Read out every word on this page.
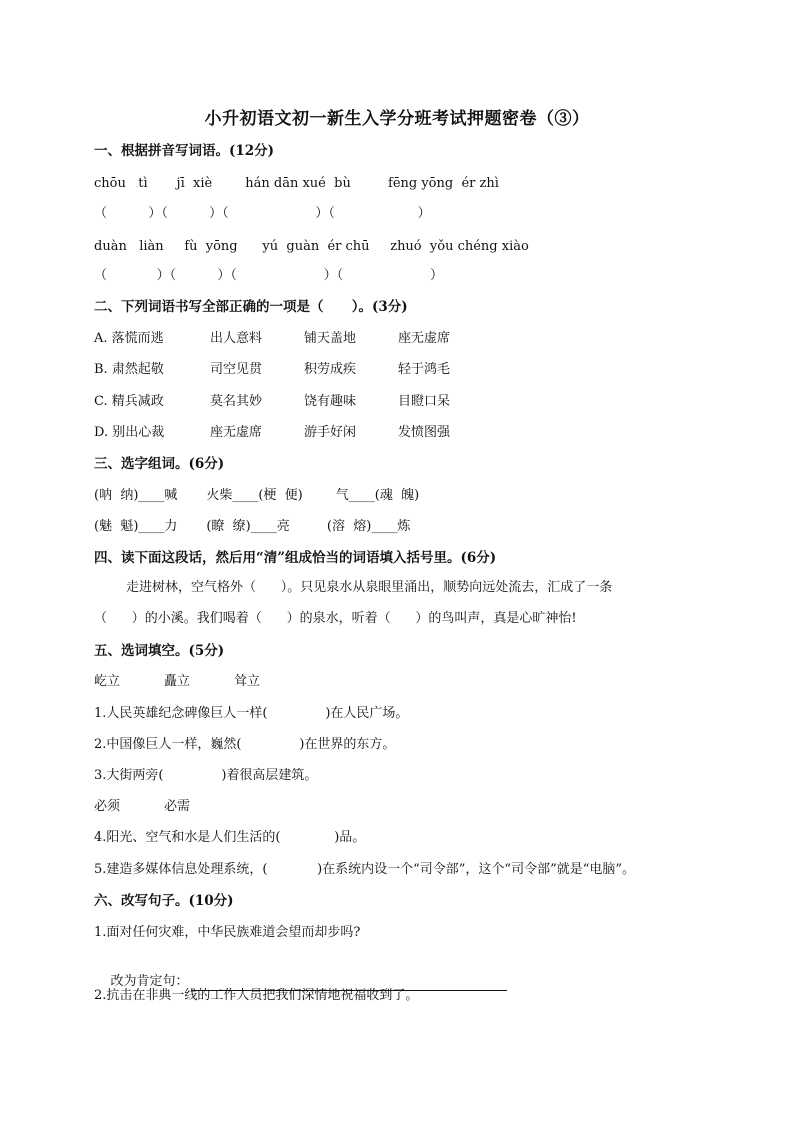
小升初语文初一新生入学分班考试押题密卷（③）
一、根据拼音写词语。(12分)
chōu   tì       jī  xiè        hán dān xué  bù         fēng yōng  ér zhì
（          ）（          ）（                     ）（                    ）
duàn   liàn     fù  yōng      yú  guàn  ér chū     zhuó  yǒu chéng xiào
（            ）（          ）（                     ）（                     ）
二、下列词语书写全部正确的一项是（      ）。(3分)
A. 落慌而逃	出人意料	铺天盖地	座无虚席
B. 肃然起敬	司空见贯	积劳成疾	轻于鸿毛
C. 精兵减政	莫名其妙	饶有趣味	目瞪口呆
D. 别出心裁	座无虚席	游手好闲	发愤图强
三、选字组词。(6分)
(呐  纳)____喊       火柴____(梗  便)        气____(魂  魄)
(魅  魁)____力       (瞭  缭)____亮         (溶  熔)____炼
四、读下面这段话，然后用“清”组成恰当的词语填入括号里。(6分)
走进树林，空气格外（      ）。只见泉水从泉眼里涌出，顺势向远处流去，汇成了一条
（      ）的小溪。我们喝着（      ）的泉水，听着（      ）的鸟叫声，真是心旷神怡!
五、选词填空。(5分)
屹立	矗立	耸立
1.人民英雄纪念碑像巨人一样(              )在人民广场。
2.中国像巨人一样，巍然(              )在世界的东方。
3.大街两旁(              )着很高层建筑。
必须	必需
4.阳光、空气和水是人们生活的(             )品。
5.建造多媒体信息处理系统，(            )在系统内设一个“司令部”，这个“司令部”就是“电脑”。
六、改写句子。(10分)
1.面对任何灾难，中华民族难道会望而却步吗?

改为肯定句：

2.抗击在非典一线的工作人员把我们深情地祝福收到了。
